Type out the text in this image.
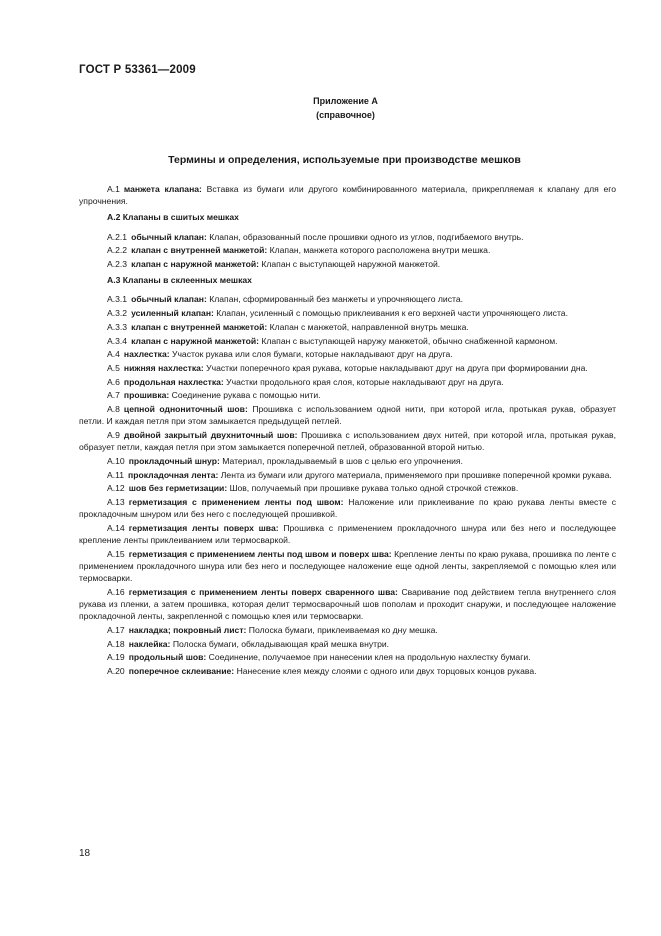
ГОСТ Р 53361—2009
Приложение А
(справочное)
Термины и определения, используемые при производстве мешков
А.1 манжета клапана: Вставка из бумаги или другого комбинированного материала, прикрепляемая к клапану для его упрочнения.
А.2 Клапаны в сшитых мешках
А.2.1 обычный клапан: Клапан, образованный после прошивки одного из углов, подгибаемого внутрь.
А.2.2 клапан с внутренней манжетой: Клапан, манжета которого расположена внутри мешка.
А.2.3 клапан с наружной манжетой: Клапан с выступающей наружной манжетой.
А.3 Клапаны в склеенных мешках
А.3.1 обычный клапан: Клапан, сформированный без манжеты и упрочняющего листа.
А.3.2 усиленный клапан: Клапан, усиленный с помощью приклеивания к его верхней части упрочняющего листа.
А.3.3 клапан с внутренней манжетой: Клапан с манжетой, направленной внутрь мешка.
А.3.4 клапан с наружной манжетой: Клапан с выступающей наружу манжетой, обычно снабженной кармоном.
А.4 нахлестка: Участок рукава или слоя бумаги, которые накладывают друг на друга.
А.5 нижняя нахлестка: Участки поперечного края рукава, которые накладывают друг на друга при формировании дна.
А.6 продольная нахлестка: Участки продольного края слоя, которые накладывают друг на друга.
А.7 прошивка: Соединение рукава с помощью нити.
А.8 цепной однониточный шов: Прошивка с использованием одной нити, при которой игла, протыкая рукав, образует петли. И каждая петля при этом замыкается предыдущей петлей.
А.9 двойной закрытый двухниточный шов: Прошивка с использованием двух нитей, при которой игла, протыкая рукав, образует петли, каждая петля при этом замыкается поперечной петлей, образованной второй нитью.
А.10 прокладочный шнур: Материал, прокладываемый в шов с целью его упрочнения.
А.11 прокладочная лента: Лента из бумаги или другого материала, применяемого при прошивке поперечной кромки рукава.
А.12 шов без герметизации: Шов, получаемый при прошивке рукава только одной строчкой стежков.
А.13 герметизация с применением ленты под швом: Наложение или приклеивание по краю рукава ленты вместе с прокладочным шнуром или без него с последующей прошивкой.
А.14 герметизация ленты поверх шва: Прошивка с применением прокладочного шнура или без него и последующее крепление ленты приклеиванием или термосваркой.
А.15 герметизация с применением ленты под швом и поверх шва: Крепление ленты по краю рукава, прошивка по ленте с применением прокладочного шнура или без него и последующее наложение еще одной ленты, закрепляемой с помощью клея или термосварки.
А.16 герметизация с применением ленты поверх сваренного шва: Сваривание под действием тепла внутреннего слоя рукава из пленки, а затем прошивка, которая делит термосварочный шов пополам и проходит снаружи, и последующее наложение прокладочной ленты, закрепленной с помощью клея или термосварки.
А.17 накладка; покровный лист: Полоска бумаги, приклеиваемая ко дну мешка.
А.18 наклейка: Полоска бумаги, обкладывающая край мешка внутри.
А.19 продольный шов: Соединение, получаемое при нанесении клея на продольную нахлестку бумаги.
А.20 поперечное склеивание: Нанесение клея между слоями с одного или двух торцовых концов рукава.
18
